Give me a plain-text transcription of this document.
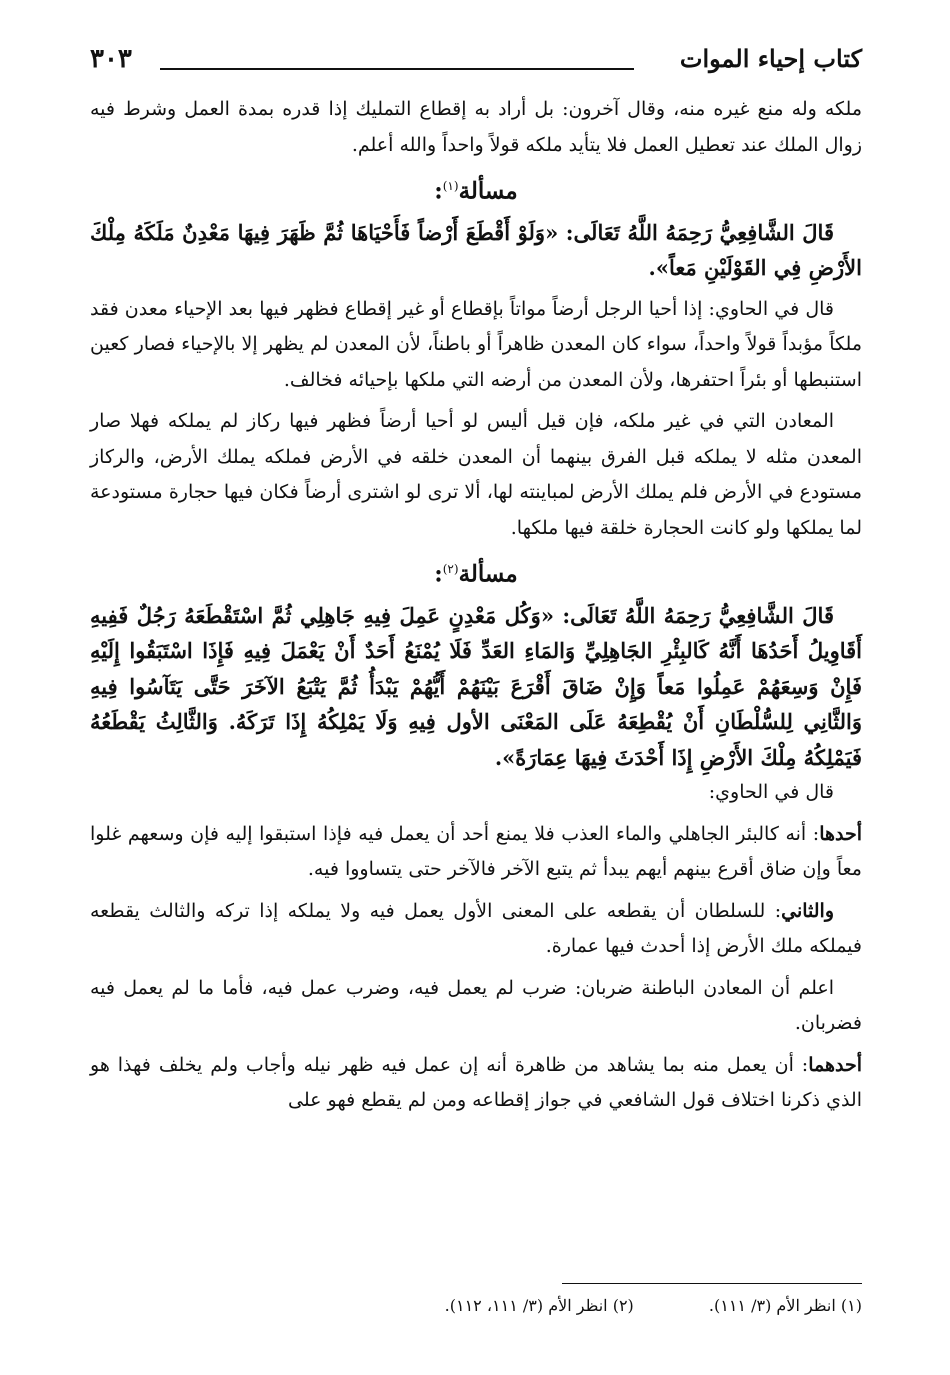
كتاب إحياء الموات
٣٠٣

ملكه وله منع غيره منه، وقال آخرون: بل أراد به إقطاع التمليك إذا قدره بمدة العمل وشرط فيه زوال الملك عند تعطيل العمل فلا يتأيد ملكه قولاً واحداً والله أعلم.

مسألة$^{(١)}$:

قَالَ الشَّافِعِيُّ رَحِمَهُ اللَّهُ تَعَالَى: «وَلَوْ أَقْطَعَ أَرْضاً فَأَحْيَاهَا ثُمَّ ظَهَرَ فِيهَا مَعْدِنٌ مَلَكَهُ مِلْكَ الأَرْضِ فِي القَوْلَيْنِ مَعاً».

قال في الحاوي: إذا أحيا الرجل أرضاً مواتاً بإقطاع أو غير إقطاع فظهر فيها بعد الإحياء معدن فقد ملكاً مؤبداً قولاً واحداً، سواء كان المعدن ظاهراً أو باطناً، لأن المعدن لم يظهر إلا بالإحياء فصار كعين استنبطها أو بئراً احتفرها، ولأن المعدن من أرضه التي ملكها بإحيائه فخالف.

المعادن التي في غير ملكه، فإن قيل أليس لو أحيا أرضاً فظهر فيها ركاز لم يملكه فهلا صار المعدن مثله لا يملكه قبل الفرق بينهما أن المعدن خلقه في الأرض فملكه يملك الأرض، والركاز مستودع في الأرض فلم يملك الأرض لمباينته لها، ألا ترى لو اشترى أرضاً فكان فيها حجارة مستودعة لما يملكها ولو كانت الحجارة خلقة فيها ملكها.

مسألة$^{(٢)}$:

قَالَ الشَّافِعِيُّ رَحِمَهُ اللَّهُ تَعَالَى: «وَكُل مَعْدِنٍ عَمِلَ فِيهِ جَاهِلِي ثُمَّ اسْتَقْطَعَهُ رَجُلٌ فَفِيهِ أَقَاوِيلُ أَحَدُهَا أَنَّهُ كَالبِئْرِ الجَاهِلِيِّ وَالمَاءِ العَدِّ فَلَا يُمْنَعُ أَحَدٌ أَنْ يَعْمَلَ فِيهِ فَإِذَا اسْتَبَقُوا إِلَيْهِ فَإِنْ وَسِعَهُمْ عَمِلُوا مَعاً وَإِنْ ضَاقَ أَقْرَعَ بَيْنَهُمْ أَيُّهُمْ يَبْدَأُ ثُمَّ يَتْبَعُ الآخَرَ حَتَّى يَتَآسُوا فِيهِ وَالثَّانِي لِلسُّلْطَانِ أَنْ يُقْطِعَهُ عَلَى المَعْنَى الأول فِيهِ وَلَا يَمْلِكُهُ إِذَا تَرَكَهُ. وَالثَّالِثُ يَقْطَعُهُ فَيَمْلِكُهُ مِلْكَ الأَرْضِ إِذَا أَحْدَثَ فِيهَا عِمَارَةً».

قال في الحاوي:

أحدها: أنه كالبئر الجاهلي والماء العذب فلا يمنع أحد أن يعمل فيه فإذا استبقوا إليه فإن وسعهم غلوا معاً وإن ضاق أقرع بينهم أيهم يبدأ ثم يتبع الآخر فالآخر حتى يتساووا فيه.

والثاني: للسلطان أن يقطعه على المعنى الأول يعمل فيه ولا يملكه إذا تركه والثالث يقطعه فيملكه ملك الأرض إذا أحدث فيها عمارة.

اعلم أن المعادن الباطنة ضربان: ضرب لم يعمل فيه، وضرب عمل فيه، فأما ما لم يعمل فيه فضربان.

أحدهما: أن يعمل منه بما يشاهد من ظاهرة أنه إن عمل فيه ظهر نيله وأجاب ولم يخلف فهذا هو الذي ذكرنا اختلاف قول الشافعي في جواز إقطاعه ومن لم يقطع فهو على

(١) انظر الأم (٣/ ١١١). (٢) انظر الأم (٣/ ١١١، ١١٢).
